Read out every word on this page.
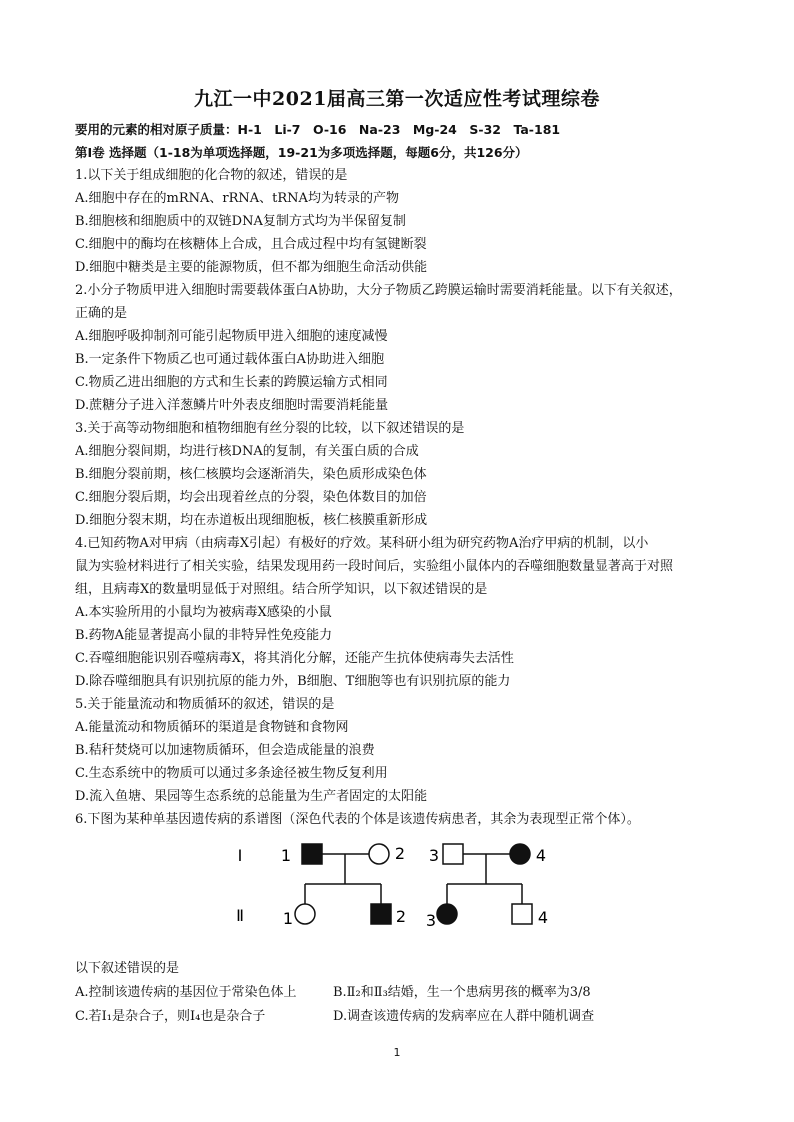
九江一中2021届高三第一次适应性考试理综卷
要用的元素的相对原子质量：H-1　Li-7　O-16　Na-23　Mg-24　S-32　Ta-181
第Ⅰ卷 选择题（1-18为单项选择题，19-21为多项选择题，每题6分，共126分）
1.以下关于组成细胞的化合物的叙述，错误的是
A.细胞中存在的mRNA、rRNA、tRNA均为转录的产物
B.细胞核和细胞质中的双链DNA复制方式均为半保留复制
C.细胞中的酶均在核糖体上合成，且合成过程中均有氢键断裂
D.细胞中糖类是主要的能源物质，但不都为细胞生命活动供能
2.小分子物质甲进入细胞时需要载体蛋白A协助，大分子物质乙跨膜运输时需要消耗能量。以下有关叙述，
正确的是
A.细胞呼吸抑制剂可能引起物质甲进入细胞的速度减慢
B.一定条件下物质乙也可通过载体蛋白A协助进入细胞
C.物质乙进出细胞的方式和生长素的跨膜运输方式相同
D.蔗糖分子进入洋葱鳞片叶外表皮细胞时需要消耗能量
3.关于高等动物细胞和植物细胞有丝分裂的比较，以下叙述错误的是
A.细胞分裂间期，均进行核DNA的复制，有关蛋白质的合成
B.细胞分裂前期，核仁核膜均会逐渐消失，染色质形成染色体
C.细胞分裂后期，均会出现着丝点的分裂，染色体数目的加倍
D.细胞分裂末期，均在赤道板出现细胞板，核仁核膜重新形成
4.已知药物A对甲病（由病毒X引起）有极好的疗效。某科研小组为研究药物A治疗甲病的机制，以小
鼠为实验材料进行了相关实验，结果发现用药一段时间后，实验组小鼠体内的吞噬细胞数量显著高于对照
组，且病毒X的数量明显低于对照组。结合所学知识，以下叙述错误的是
A.本实验所用的小鼠均为被病毒X感染的小鼠
B.药物A能显著提高小鼠的非特异性免疫能力
C.吞噬细胞能识别吞噬病毒X，将其消化分解，还能产生抗体使病毒失去活性
D.除吞噬细胞具有识别抗原的能力外，B细胞、T细胞等也有识别抗原的能力
5.关于能量流动和物质循环的叙述，错误的是
A.能量流动和物质循环的渠道是食物链和食物网
B.秸秆焚烧可以加速物质循环，但会造成能量的浪费
C.生态系统中的物质可以通过多条途径被生物反复利用
D.流入鱼塘、果园等生态系统的总能量为生产者固定的太阳能
6.下图为某种单基因遗传病的系谱图（深色代表的个体是该遗传病患者，其余为表现型正常个体）。
Ⅰ
Ⅱ
1	2
1	2
3	4
3	4
以下叙述错误的是
A.控制该遗传病的基因位于常染色体上	B.Ⅱ₂和Ⅱ₃结婚，生一个患病男孩的概率为3/8
C.若Ⅰ₁是杂合子，则Ⅰ₄也是杂合子	D.调查该遗传病的发病率应在人群中随机调查
1
